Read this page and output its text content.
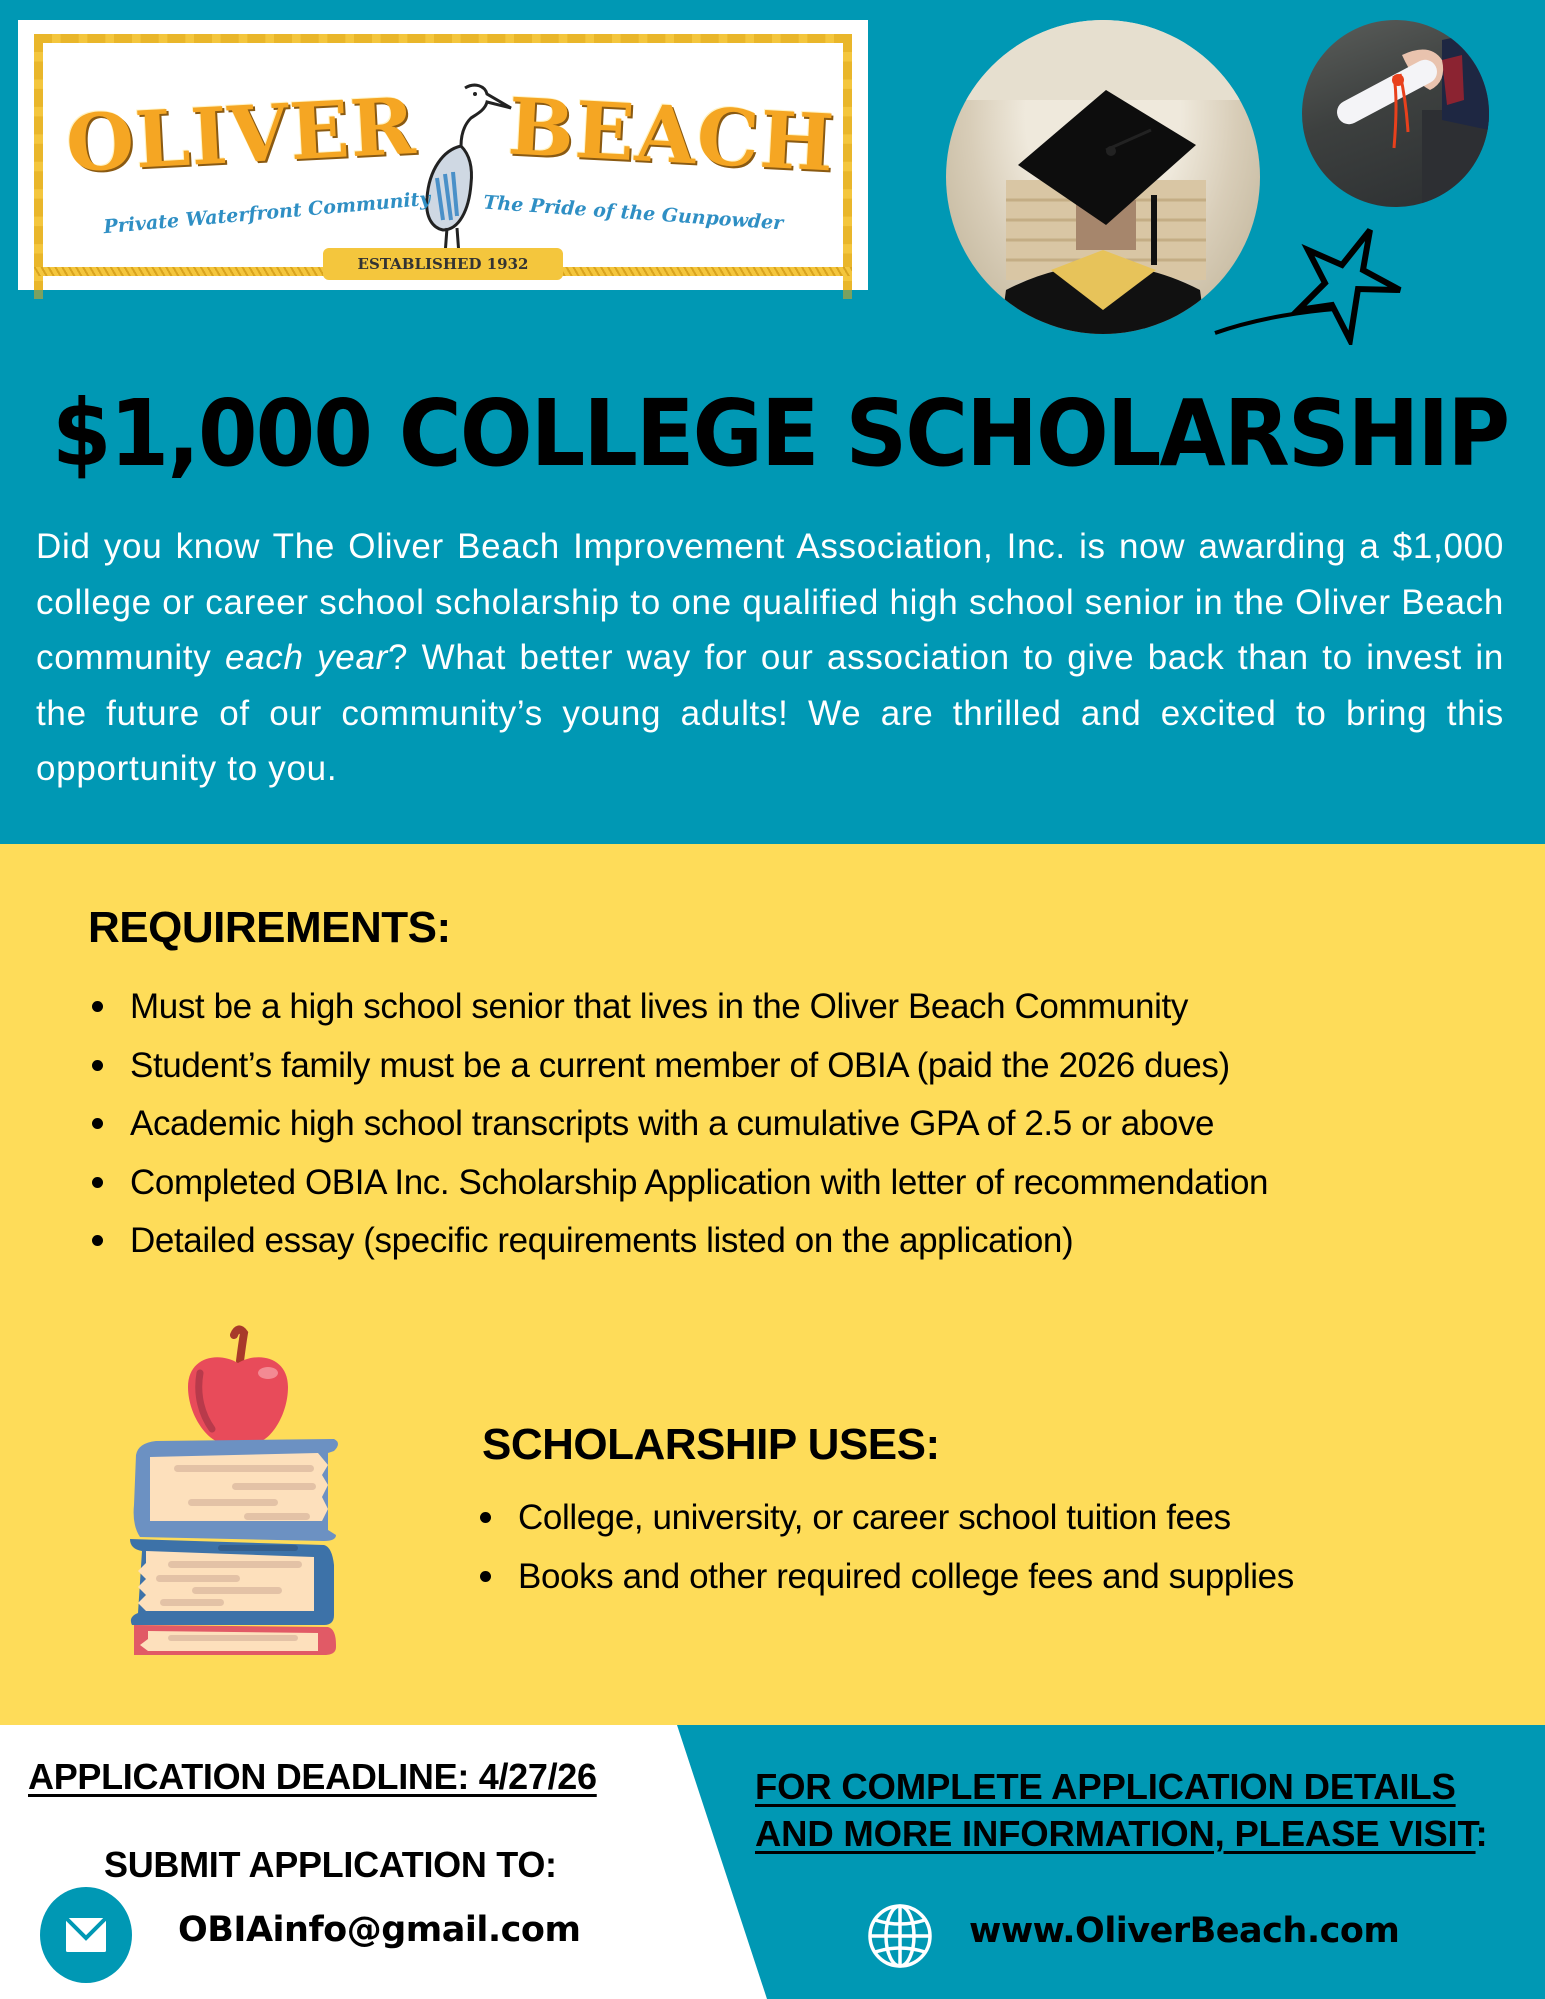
OLIVER BEACH
Private Waterfront Community	The Pride of the Gunpowder
ESTABLISHED 1932
$1,000 COLLEGE SCHOLARSHIP

Did you know The Oliver Beach Improvement Association, Inc. is now awarding a $1,000 college or career school scholarship to one qualified high school senior in the Oliver Beach community each year? What better way for our association to give back than to invest in the future of our community’s young adults! We are thrilled and excited to bring this opportunity to you.

REQUIREMENTS:
Must be a high school senior that lives in the Oliver Beach Community
Student’s family must be a current member of OBIA (paid the 2026 dues)
Academic high school transcripts with a cumulative GPA of 2.5 or above
Completed OBIA Inc. Scholarship Application with letter of recommendation
Detailed essay (specific requirements listed on the application)
SCHOLARSHIP USES:
College, university, or career school tuition fees
Books and other required college fees and supplies
APPLICATION DEADLINE: 4/27/26
SUBMIT APPLICATION TO:
OBIAinfo@gmail.com
FOR COMPLETE APPLICATION DETAILS
AND MORE INFORMATION, PLEASE VISIT:
www.OliverBeach.com
